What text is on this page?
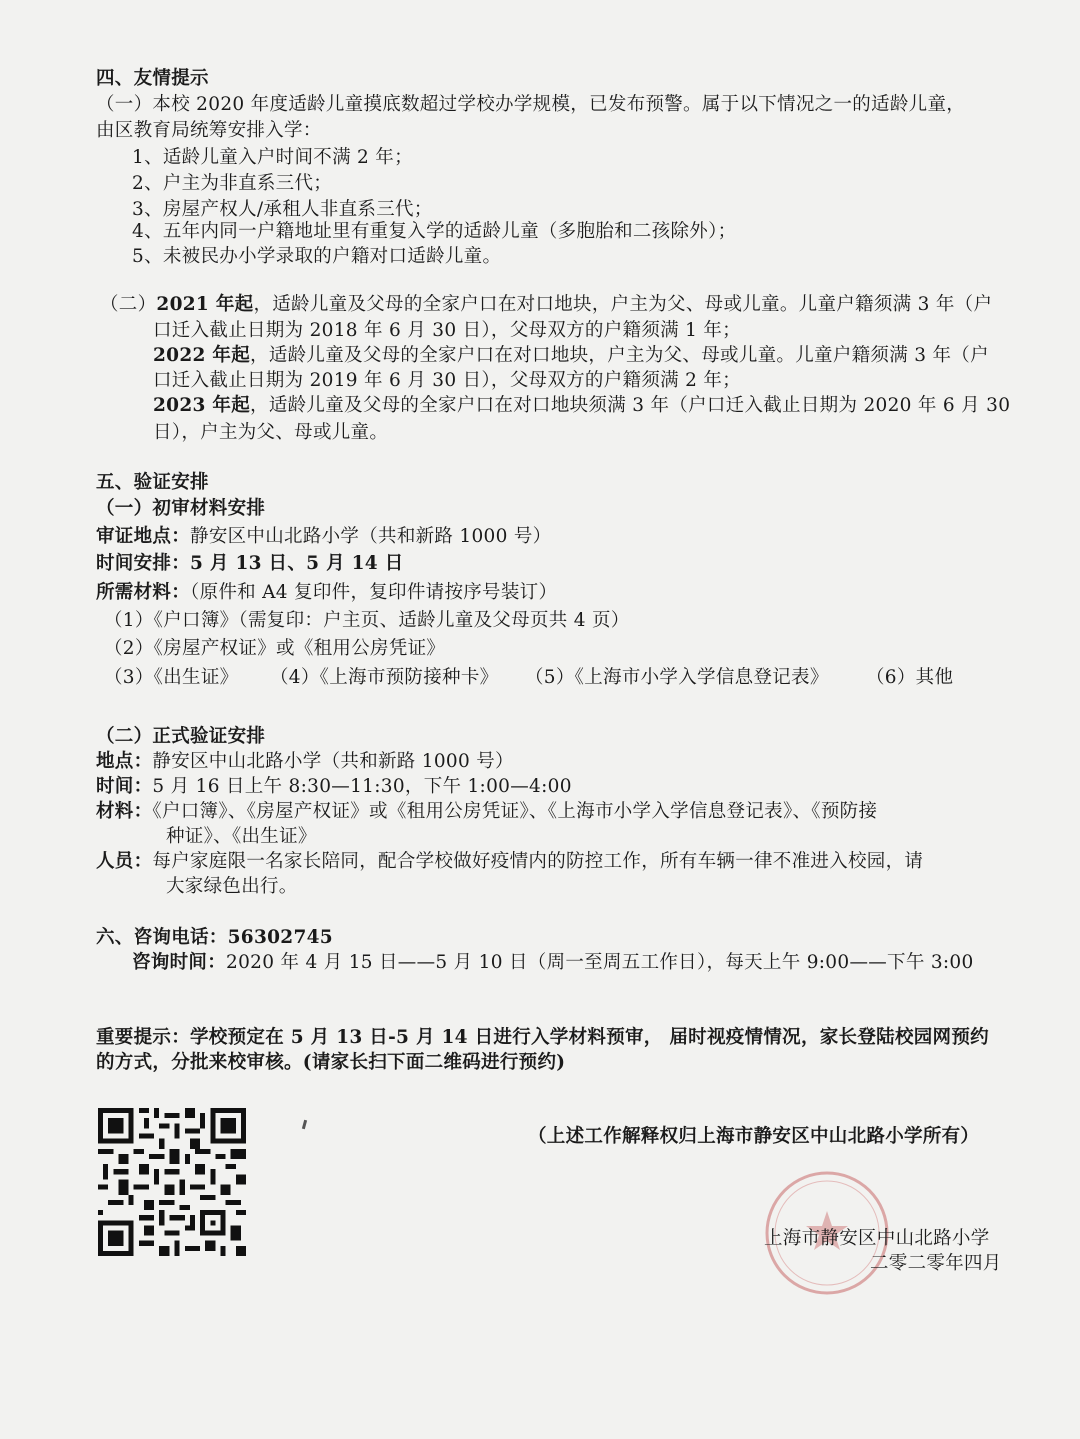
四、友情提示
（一）本校 2020 年度适龄儿童摸底数超过学校办学规模，已发布预警。属于以下情况之一的适龄儿童，
由区教育局统筹安排入学：
1、适龄儿童入户时间不满 2 年；
2、户主为非直系三代；
3、房屋产权人/承租人非直系三代；
4、五年内同一户籍地址里有重复入学的适龄儿童（多胞胎和二孩除外）；
5、未被民办小学录取的户籍对口适龄儿童。
（二）2021 年起，适龄儿童及父母的全家户口在对口地块，户主为父、母或儿童。儿童户籍须满 3 年（户
口迁入截止日期为 2018 年 6 月 30 日），父母双方的户籍须满 1 年；
2022 年起，适龄儿童及父母的全家户口在对口地块，户主为父、母或儿童。儿童户籍须满 3 年（户
口迁入截止日期为 2019 年 6 月 30 日），父母双方的户籍须满 2 年；
2023 年起，适龄儿童及父母的全家户口在对口地块须满 3 年（户口迁入截止日期为 2020 年 6 月 30
日），户主为父、母或儿童。
五、验证安排
（一）初审材料安排
审证地点：静安区中山北路小学（共和新路 1000 号）
时间安排：5 月 13 日、5 月 14 日
所需材料：（原件和 A4 复印件，复印件请按序号装订）
（1）《户口簿》（需复印：户主页、适龄儿童及父母页共 4 页）
（2）《房屋产权证》或《租用公房凭证》
（3）《出生证》 （4）《上海市预防接种卡》 （5）《上海市小学入学信息登记表》 （6）其他
（二）正式验证安排
地点：静安区中山北路小学（共和新路 1000 号）
时间：5 月 16 日上午 8:30—11:30，下午 1:00—4:00
材料：《户口簿》、《房屋产权证》或《租用公房凭证》、《上海市小学入学信息登记表》、《预防接
种证》、《出生证》
人员：每户家庭限一名家长陪同，配合学校做好疫情内的防控工作，所有车辆一律不准进入校园，请
大家绿色出行。
六、咨询电话：56302745
咨询时间：2020 年 4 月 15 日——5 月 10 日（周一至周五工作日），每天上午 9:00——下午 3:00
重要提示：学校预定在 5 月 13 日-5 月 14 日进行入学材料预审， 届时视疫情情况，家长登陆校园网预约
的方式，分批来校审核。(请家长扫下面二维码进行预约)
（上述工作解释权归上海市静安区中山北路小学所有）
上海市静安区中山北路小学
二零二零年四月
